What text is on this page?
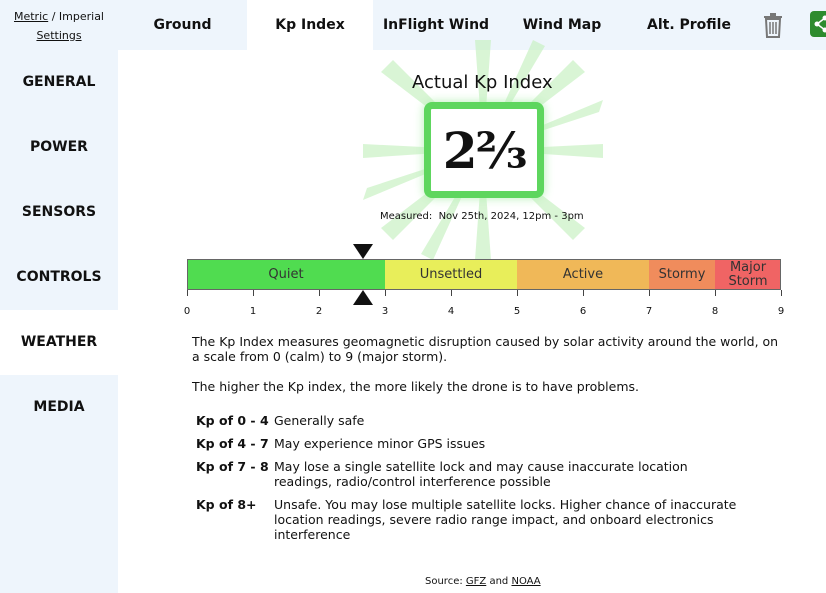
Metric / Imperial
Settings
Ground	Kp Index	InFlight Wind	Wind Map	Alt. Profile
GENERAL
POWER
SENSORS
CONTROLS
WEATHER
MEDIA
Actual Kp Index
2⅔
Measured: Nov 25th, 2024, 12pm - 3pm
Quiet	Unsettled	Active	Stormy	Major
Storm
0	1	2	3	4	5	6	7	8	9
The Kp Index measures geomagnetic disruption caused by solar activity around the world, on a scale from 0 (calm) to 9 (major storm).
The higher the Kp index, the more likely the drone is to have problems.
Kp of 0 - 4 Generally safe
Kp of 4 - 7 May experience minor GPS issues
Kp of 7 - 8 May lose a single satellite lock and may cause inaccurate location readings, radio/control interference possible
Kp of 8+ Unsafe. You may lose multiple satellite locks. Higher chance of inaccurate location readings, severe radio range impact, and onboard electronics interference
Source: GFZ and NOAA
